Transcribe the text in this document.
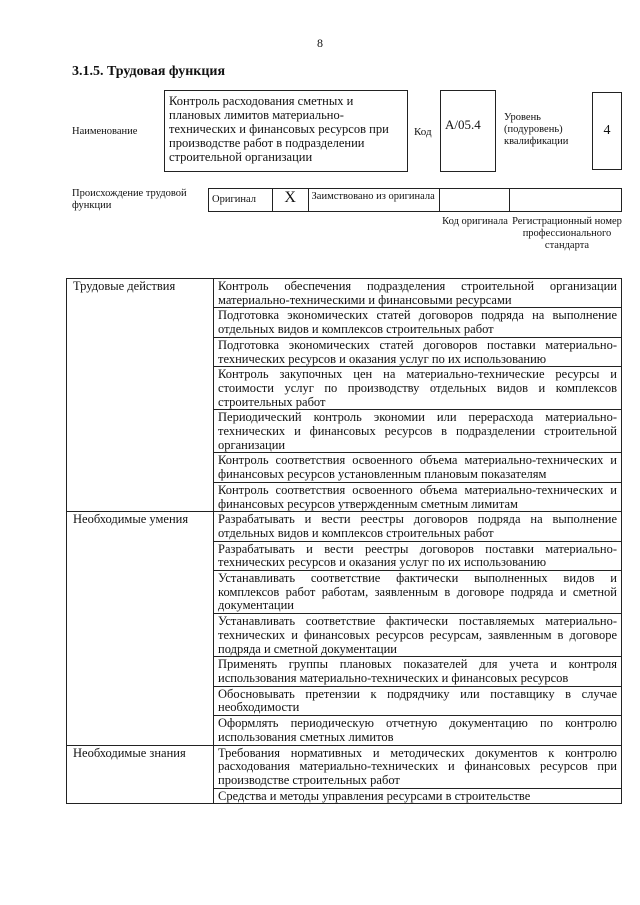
8
3.1.5. Трудовая функция
Наименование
Контроль расходования сметных и плановых лимитов материально-технических и финансовых ресурсов при производстве работ в подразделении строительной организации
Код	A/05.4	Уровень (подуровень) квалификации
4
Происхождение трудовой функции
Оригинал	X	Заимствовано из оригинала
Код оригинала Регистрационный номер профессионального стандарта
Трудовые действия	Контроль обеспечения подразделения строительной организации материально-техническими и финансовыми ресурсами
	Подготовка экономических статей договоров подряда на выполнение отдельных видов и комплексов строительных работ
	Подготовка экономических статей договоров поставки материально-технических ресурсов и оказания услуг по их использованию
	Контроль закупочных цен на материально-технические ресурсы и стоимости услуг по производству отдельных видов и комплексов строительных работ
	Периодический контроль экономии или перерасхода материально-технических и финансовых ресурсов в подразделении строительной организации
	Контроль соответствия освоенного объема материально-технических и финансовых ресурсов установленным плановым показателям
	Контроль соответствия освоенного объема материально-технических и финансовых ресурсов утвержденным сметным лимитам
Необходимые умения	Разрабатывать и вести реестры договоров подряда на выполнение отдельных видов и комплексов строительных работ
	Разрабатывать и вести реестры договоров поставки материально-технических ресурсов и оказания услуг по их использованию
	Устанавливать соответствие фактически выполненных видов и комплексов работ работам, заявленным в договоре подряда и сметной документации
	Устанавливать соответствие фактически поставляемых материально-технических и финансовых ресурсов ресурсам, заявленным в договоре подряда и сметной документации
	Применять группы плановых показателей для учета и контроля использования материально-технических и финансовых ресурсов
	Обосновывать претензии к подрядчику или поставщику в случае необходимости
	Оформлять периодическую отчетную документацию по контролю использования сметных лимитов
Необходимые знания	Требования нормативных и методических документов к контролю расходования материально-технических и финансовых ресурсов при производстве строительных работ
	Средства и методы управления ресурсами в строительстве
